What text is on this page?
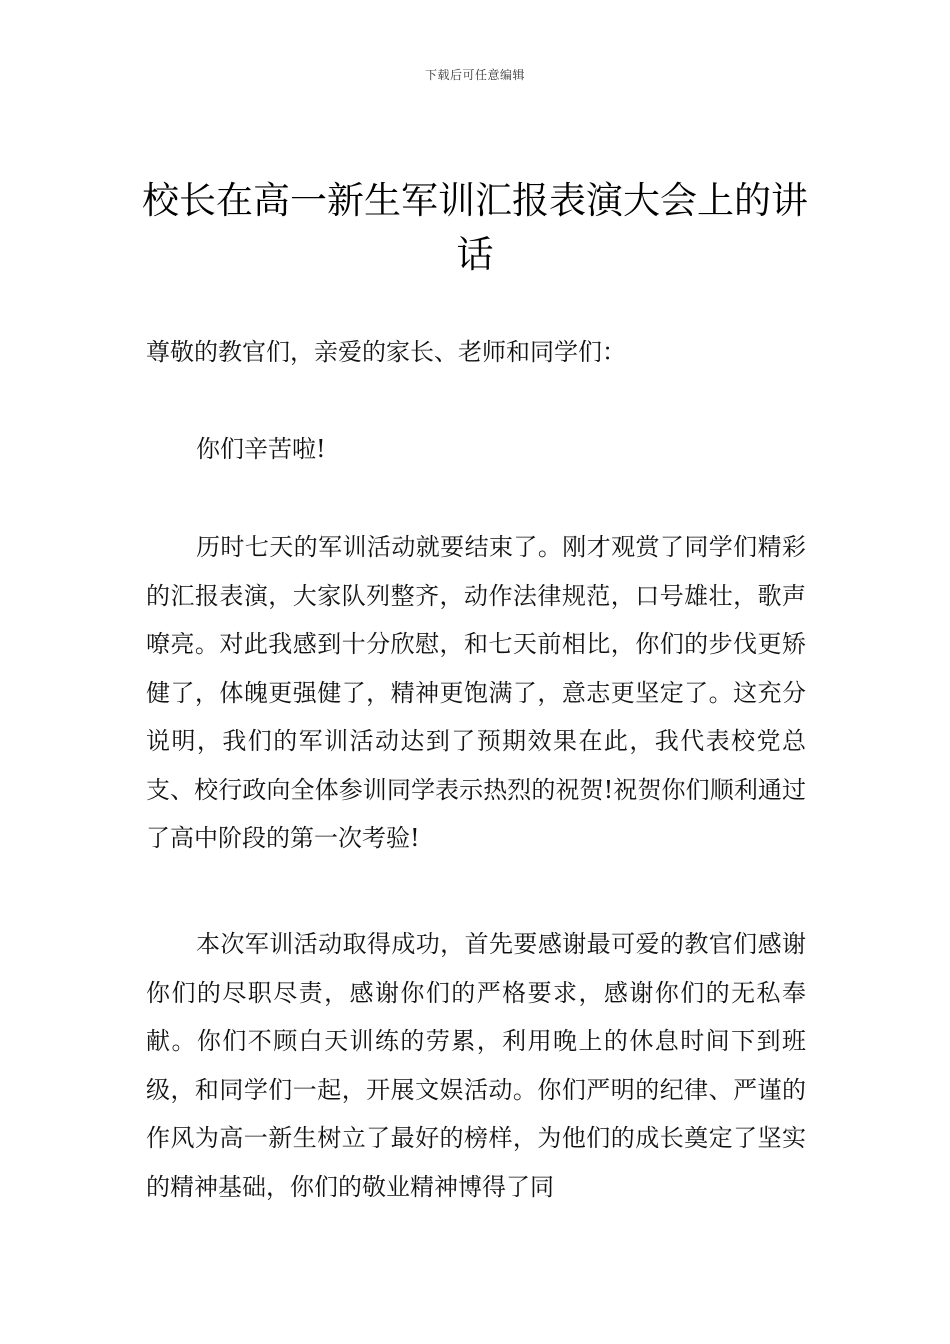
下载后可任意编辑
校长在高一新生军训汇报表演大会上的讲话
尊敬的教官们，亲爱的家长、老师和同学们：

你们辛苦啦!

历时七天的军训活动就要结束了。刚才观赏了同学们精彩的汇报表演，大家队列整齐，动作法律规范，口号雄壮，歌声嘹亮。对此我感到十分欣慰，和七天前相比，你们的步伐更矫健了，体魄更强健了，精神更饱满了，意志更坚定了。这充分说明，我们的军训活动达到了预期效果在此，我代表校党总支、校行政向全体参训同学表示热烈的祝贺!祝贺你们顺利通过了高中阶段的第一次考验!

本次军训活动取得成功，首先要感谢最可爱的教官们感谢你们的尽职尽责，感谢你们的严格要求，感谢你们的无私奉献。你们不顾白天训练的劳累，利用晚上的休息时间下到班级，和同学们一起，开展文娱活动。你们严明的纪律、严谨的作风为高一新生树立了最好的榜样，为他们的成长奠定了坚实的精神基础，你们的敬业精神博得了同
